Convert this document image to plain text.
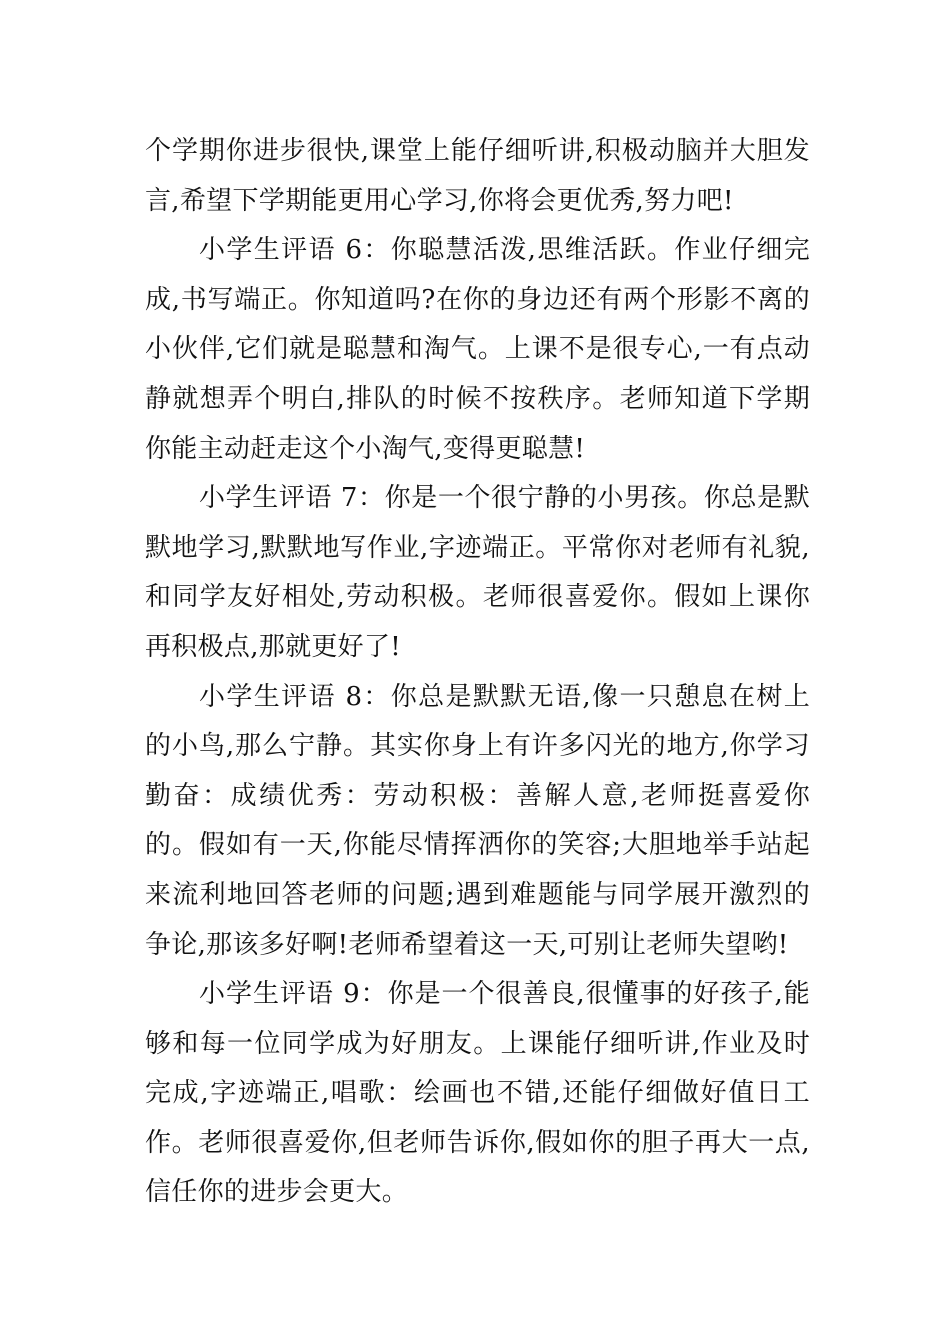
个学期你进步很快,课堂上能仔细听讲,积极动脑并大胆发言,希望下学期能更用心学习,你将会更优秀,努力吧!

小学生评语 6：你聪慧活泼,思维活跃。作业仔细完成,书写端正。你知道吗?在你的身边还有两个形影不离的小伙伴,它们就是聪慧和淘气。上课不是很专心,一有点动静就想弄个明白,排队的时候不按秩序。老师知道下学期你能主动赶走这个小淘气,变得更聪慧!

小学生评语 7：你是一个很宁静的小男孩。你总是默默地学习,默默地写作业,字迹端正。平常你对老师有礼貌,和同学友好相处,劳动积极。老师很喜爱你。假如上课你再积极点,那就更好了!

小学生评语 8：你总是默默无语,像一只憩息在树上的小鸟,那么宁静。其实你身上有许多闪光的地方,你学习勤奋：成绩优秀：劳动积极：善解人意,老师挺喜爱你的。假如有一天,你能尽情挥洒你的笑容;大胆地举手站起来流利地回答老师的问题;遇到难题能与同学展开激烈的争论,那该多好啊!老师希望着这一天,可别让老师失望哟!

小学生评语 9：你是一个很善良,很懂事的好孩子,能够和每一位同学成为好朋友。上课能仔细听讲,作业及时完成,字迹端正,唱歌：绘画也不错,还能仔细做好值日工作。老师很喜爱你,但老师告诉你,假如你的胆子再大一点,信任你的进步会更大。
